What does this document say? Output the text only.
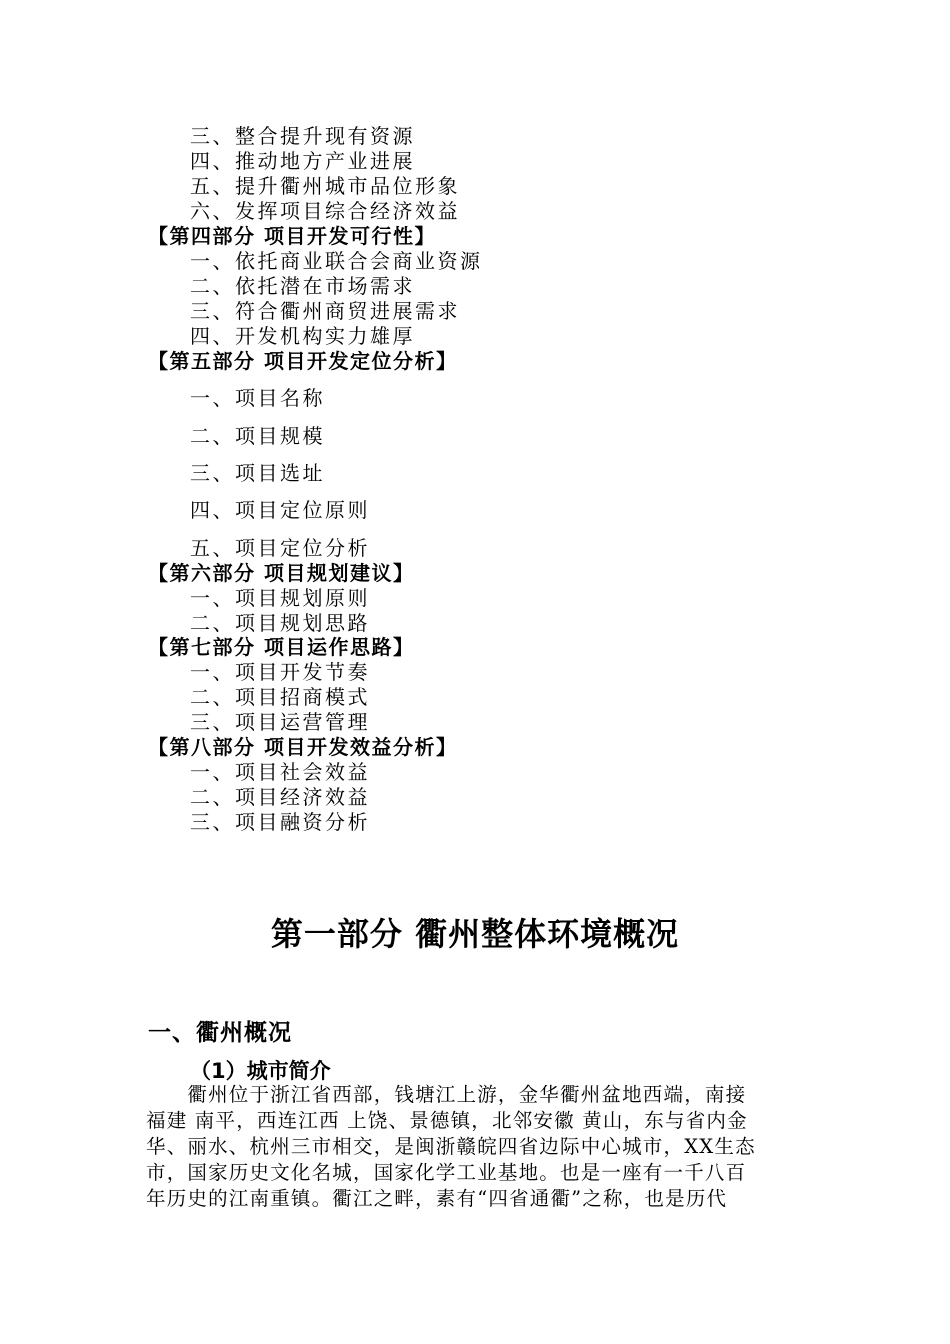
三、整合提升现有资源
四、推动地方产业进展
五、提升衢州城市品位形象
六、发挥项目综合经济效益
【第四部分 项目开发可行性】
一、依托商业联合会商业资源
二、依托潜在市场需求
三、符合衢州商贸进展需求
四、开发机构实力雄厚
【第五部分 项目开发定位分析】
一、项目名称
二、项目规模
三、项目选址
四、项目定位原则
五、项目定位分析
【第六部分 项目规划建议】
一、项目规划原则
二、项目规划思路
【第七部分 项目运作思路】
一、项目开发节奏
二、项目招商模式
三、项目运营管理
【第八部分 项目开发效益分析】
一、项目社会效益
二、项目经济效益
三、项目融资分析
第一部分 衢州整体环境概况
一、衢州概况
（1）城市简介
　　衢州位于浙江省西部，钱塘江上游，金华衢州盆地西端，南接
福建 南平，西连江西 上饶、景德镇，北邻安徽 黄山，东与省内金
华、丽水、杭州三市相交，是闽浙赣皖四省边际中心城市，XX生态
市，国家历史文化名城，国家化学工业基地。也是一座有一千八百
年历史的江南重镇。衢江之畔，素有“四省通衢”之称，也是历代
